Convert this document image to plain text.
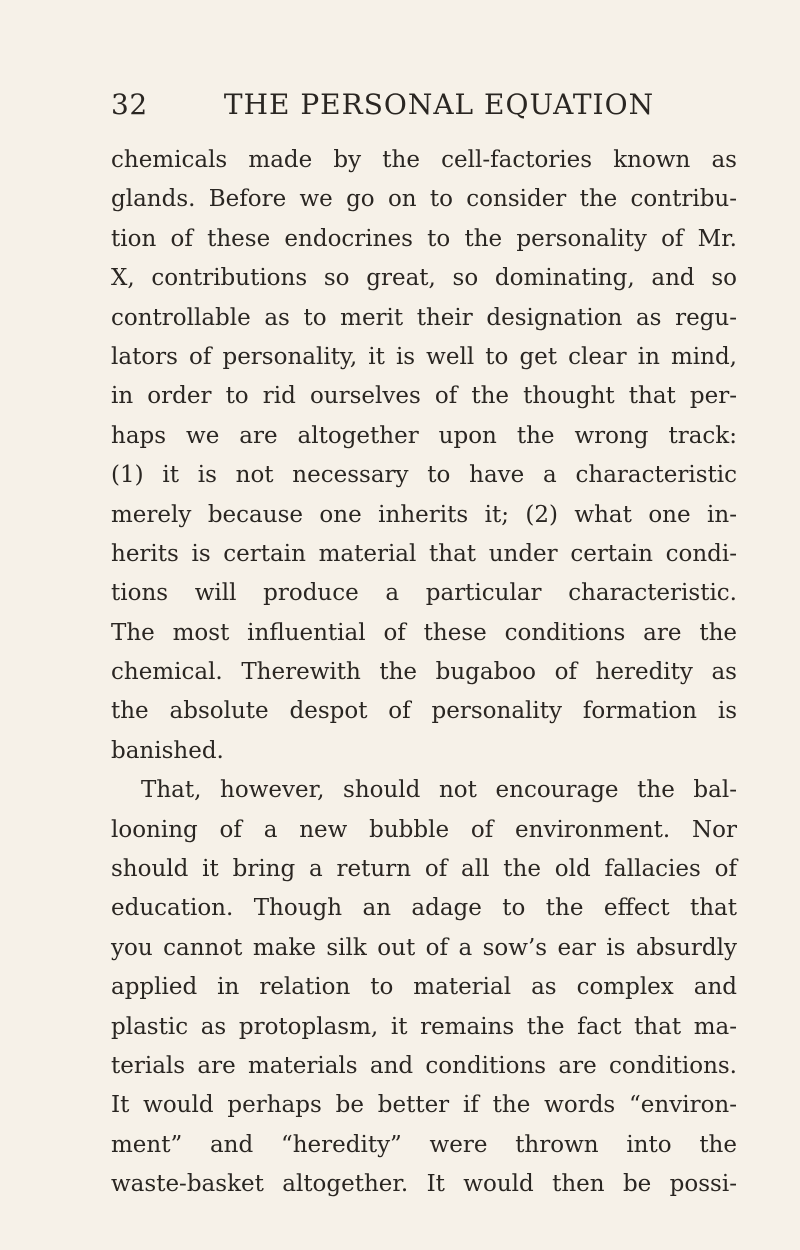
32	THE PERSONAL EQUATION
chemicals made by the cell-factories known as
glands. Before we go on to consider the contribu-
tion of these endocrines to the personality of Mr.
X, contributions so great, so dominating, and so
controllable as to merit their designation as regu-
lators of personality, it is well to get clear in mind,
in order to rid ourselves of the thought that per-
haps we are altogether upon the wrong track:
(1) it is not necessary to have a characteristic
merely because one inherits it; (2) what one in-
herits is certain material that under certain condi-
tions will produce a particular characteristic.
The most influential of these conditions are the
chemical. Therewith the bugaboo of heredity as
the absolute despot of personality formation is
banished.
That, however, should not encourage the bal-
looning of a new bubble of environment. Nor
should it bring a return of all the old fallacies of
education. Though an adage to the effect that
you cannot make silk out of a sow’s ear is absurdly
applied in relation to material as complex and
plastic as protoplasm, it remains the fact that ma-
terials are materials and conditions are conditions.
It would perhaps be better if the words “environ-
ment” and “heredity” were thrown into the
waste-basket altogether. It would then be possi-
